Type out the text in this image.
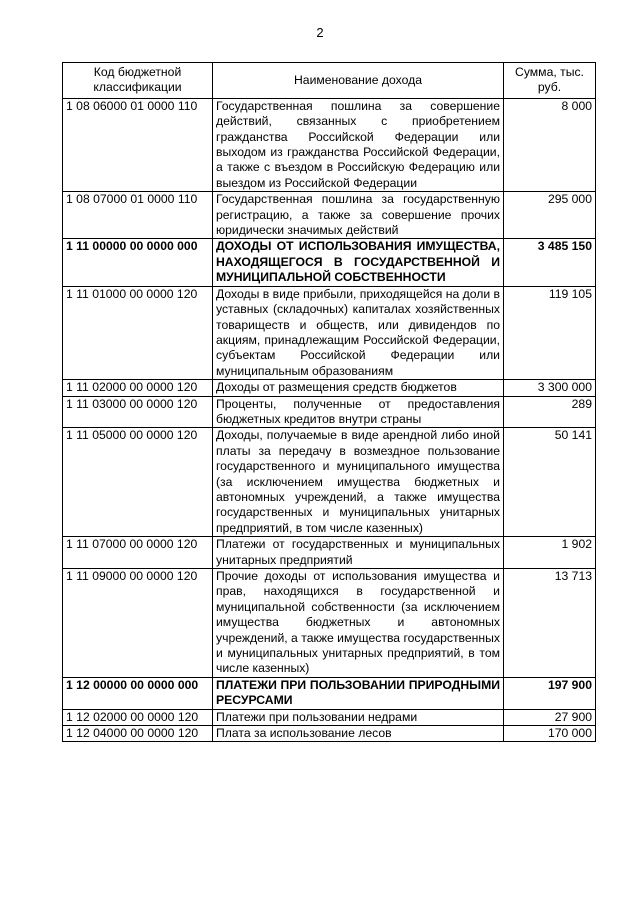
2
Код бюджетной классификации	Наименование дохода	Сумма, тыс. руб.
1 08 06000 01 0000 110	Государственная пошлина за совершение действий, связанных с приобретением гражданства Российской Федерации или выходом из гражданства Российской Федерации, а также с въездом в Российскую Федерацию или выездом из Российской Федерации	8 000
1 08 07000 01 0000 110	Государственная пошлина за государственную регистрацию, а также за совершение прочих юридически значимых действий	295 000
1 11 00000 00 0000 000	ДОХОДЫ ОТ ИСПОЛЬЗОВАНИЯ ИМУЩЕСТВА, НАХОДЯЩЕГОСЯ В ГОСУДАРСТВЕННОЙ И МУНИЦИПАЛЬНОЙ СОБСТВЕННОСТИ	3 485 150
1 11 01000 00 0000 120	Доходы в виде прибыли, приходящейся на доли в уставных (складочных) капиталах хозяйственных товариществ и обществ, или дивидендов по акциям, принадлежащим Российской Федерации, субъектам Российской Федерации или муниципальным образованиям	119 105
1 11 02000 00 0000 120	Доходы от размещения средств бюджетов	3 300 000
1 11 03000 00 0000 120	Проценты, полученные от предоставления бюджетных кредитов внутри страны	289
1 11 05000 00 0000 120	Доходы, получаемые в виде арендной либо иной платы за передачу в возмездное пользование государственного и муниципального имущества (за исключением имущества бюджетных и автономных учреждений, а также имущества государственных и муниципальных унитарных предприятий, в том числе казенных)	50 141
1 11 07000 00 0000 120	Платежи от государственных и муниципальных унитарных предприятий	1 902
1 11 09000 00 0000 120	Прочие доходы от использования имущества и прав, находящихся в государственной и муниципальной собственности (за исключением имущества бюджетных и автономных учреждений, а также имущества государственных и муниципальных унитарных предприятий, в том числе казенных)	13 713
1 12 00000 00 0000 000	ПЛАТЕЖИ ПРИ ПОЛЬЗОВАНИИ ПРИРОДНЫМИ РЕСУРСАМИ	197 900
1 12 02000 00 0000 120	Платежи при пользовании недрами	27 900
1 12 04000 00 0000 120	Плата за использование лесов	170 000
